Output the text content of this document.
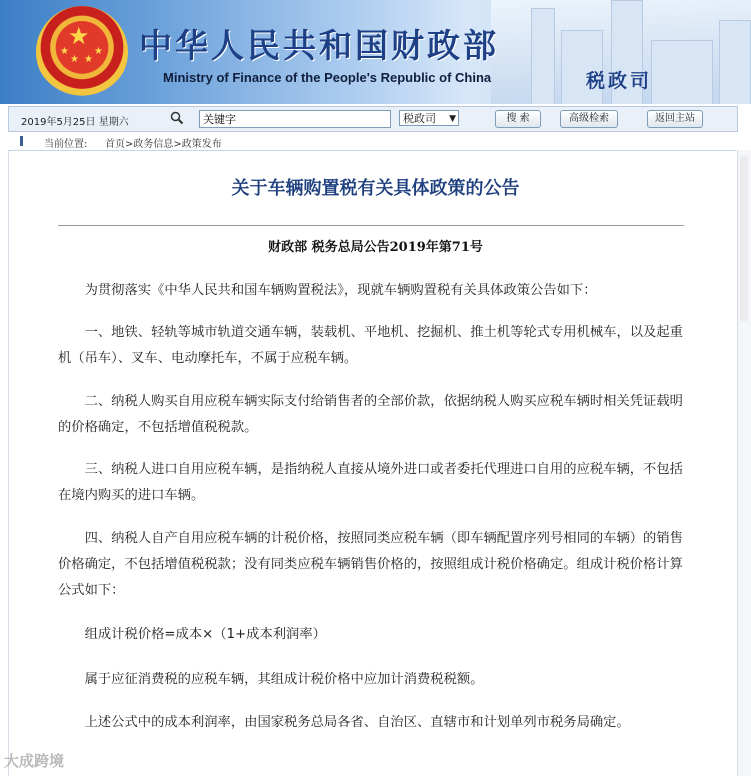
★
★
★ ★
★ 中华人民共和国财政部
Ministry of Finance of the People's Republic of China	税政司
2019年5月25日 星期六
关键字	税政司 ▼	搜 索	高级检索	返回主站
当前位置: 首页>政务信息>政策发布
关于车辆购置税有关具体政策的公告
财政部 税务总局公告2019年第71号
为贯彻落实《中华人民共和国车辆购置税法》，现就车辆购置税有关具体政策公告如下：
一、地铁、轻轨等城市轨道交通车辆，装载机、平地机、挖掘机、推土机等轮式专用机械车，以及起重机（吊车）、叉车、电动摩托车，不属于应税车辆。
二、纳税人购买自用应税车辆实际支付给销售者的全部价款，依据纳税人购买应税车辆时相关凭证载明的价格确定，不包括增值税税款。
三、纳税人进口自用应税车辆，是指纳税人直接从境外进口或者委托代理进口自用的应税车辆，不包括在境内购买的进口车辆。
四、纳税人自产自用应税车辆的计税价格，按照同类应税车辆（即车辆配置序列号相同的车辆）的销售价格确定，不包括增值税税款；没有同类应税车辆销售价格的，按照组成计税价格确定。组成计税价格计算公式如下：
组成计税价格=成本×（1+成本利润率）
属于应征消费税的应税车辆，其组成计税价格中应加计消费税税额。
上述公式中的成本利润率，由国家税务总局各省、自治区、直辖市和计划单列市税务局确定。
大成跨境
